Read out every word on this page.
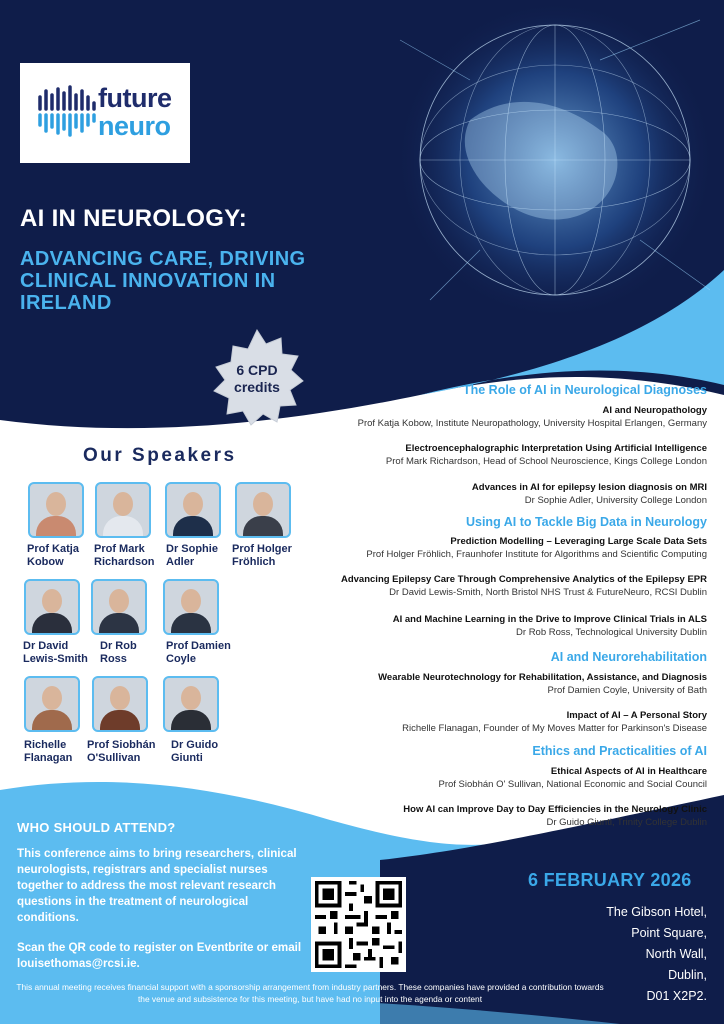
future
neuro
AI IN NEUROLOGY:
ADVANCING CARE, DRIVING
CLINICAL INNOVATION IN
IRELAND
6 CPD
credits
Our Speakers
Prof Katja
Kobow
Prof Mark
Richardson
Dr Sophie
Adler
Prof Holger
Fröhlich
Dr David
Lewis-Smith
Dr Rob
Ross
Prof Damien
Coyle
Richelle
Flanagan
Prof Siobhán
O'Sullivan
Dr Guido
Giunti
The Role of AI in Neurological Diagnoses
AI and Neuropathology
Prof Katja Kobow, Institute Neuropathology, University Hospital Erlangen, Germany
Electroencephalographic Interpretation Using Artificial Intelligence
Prof Mark Richardson, Head of School Neuroscience, Kings College London
Advances in AI for epilepsy lesion diagnosis on MRI
Dr Sophie Adler, University College London
Using AI to Tackle Big Data in Neurology
Prediction Modelling – Leveraging Large Scale Data Sets
Prof Holger Fröhlich, Fraunhofer Institute for Algorithms and Scientific Computing
Advancing Epilepsy Care Through Comprehensive Analytics of the Epilepsy EPR
Dr David Lewis-Smith, North Bristol NHS Trust & FutureNeuro, RCSI Dublin
AI and Machine Learning in the Drive to Improve Clinical Trials in ALS
Dr Rob Ross, Technological University Dublin
AI and Neurorehabilitation
Wearable Neurotechnology for Rehabilitation, Assistance, and Diagnosis
Prof Damien Coyle, University of Bath
Impact of AI – A Personal Story
Richelle Flanagan, Founder of My Moves Matter for Parkinson's Disease
Ethics and Practicalities of AI
Ethical Aspects of AI in Healthcare
Prof Siobhán O' Sullivan, National Economic and Social Council
How AI can Improve Day to Day Efficiencies in the Neurology Clinic
Dr Guido Giunti, Trinity College Dublin
WHO SHOULD ATTEND?
This conference aims to bring researchers, clinical neurologists, registrars and specialist nurses together to address the most relevant research questions in the treatment of neurological conditions.
Scan the QR code to register on Eventbrite or email louisethomas@rcsi.ie.
6 FEBRUARY 2026
The Gibson Hotel,
Point Square,
North Wall,
Dublin,
D01 X2P2.
This annual meeting receives financial support with a sponsorship arrangement from industry partners. These companies have provided a contribution towards the venue and subsistence for this meeting, but have had no input into the agenda or content
